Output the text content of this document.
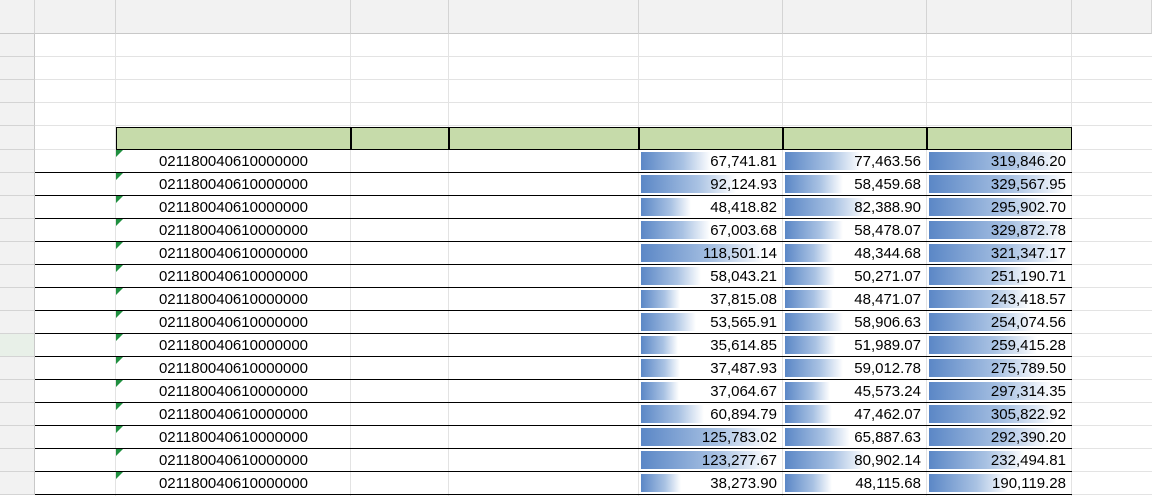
021180040610000000	67,741.81	77,463.56	319,846.20
021180040610000000	92,124.93	58,459.68	329,567.95
021180040610000000	48,418.82	82,388.90	295,902.70
021180040610000000	67,003.68	58,478.07	329,872.78
021180040610000000	118,501.14	48,344.68	321,347.17
021180040610000000	58,043.21	50,271.07	251,190.71
021180040610000000	37,815.08	48,471.07	243,418.57
021180040610000000	53,565.91	58,906.63	254,074.56
021180040610000000	35,614.85	51,989.07	259,415.28
021180040610000000	37,487.93	59,012.78	275,789.50
021180040610000000	37,064.67	45,573.24	297,314.35
021180040610000000	60,894.79	47,462.07	305,822.92
021180040610000000	125,783.02	65,887.63	292,390.20
021180040610000000	123,277.67	80,902.14	232,494.81
021180040610000000	38,273.90	48,115.68	190,119.28
